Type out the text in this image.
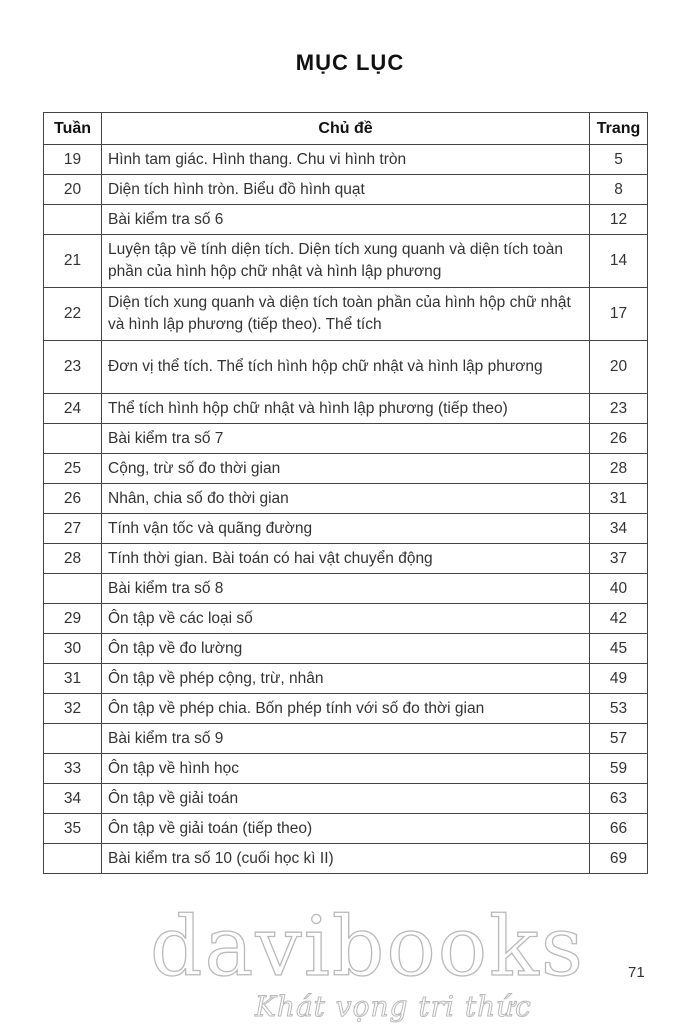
MỤC LỤC
Tuần	Chủ đề	Trang
19	Hình tam giác. Hình thang. Chu vi hình tròn	5
20	Diện tích hình tròn. Biểu đồ hình quạt	8
	Bài kiểm tra số 6	12
21	Luyện tập về tính diện tích. Diện tích xung quanh và diện tích toàn phần của hình hộp chữ nhật và hình lập phương	14
22	Diện tích xung quanh và diện tích toàn phần của hình hộp chữ nhật và hình lập phương (tiếp theo). Thể tích	17
23	Đơn vị thể tích. Thể tích hình hộp chữ nhật và hình lập phương	20
24	Thể tích hình hộp chữ nhật và hình lập phương (tiếp theo)	23
	Bài kiểm tra số 7	26
25	Cộng, trừ số đo thời gian	28
26	Nhân, chia số đo thời gian	31
27	Tính vận tốc và quãng đường	34
28	Tính thời gian. Bài toán có hai vật chuyển động	37
	Bài kiểm tra số 8	40
29	Ôn tập về các loại số	42
30	Ôn tập về đo lường	45
31	Ôn tập về phép cộng, trừ, nhân	49
32	Ôn tập về phép chia. Bốn phép tính với số đo thời gian	53
	Bài kiểm tra số 9	57
33	Ôn tập về hình học	59
34	Ôn tập về giải toán	63
35	Ôn tập về giải toán (tiếp theo)	66
	Bài kiểm tra số 10 (cuối học kì II)	69
71
davibooks
Khát vọng tri thức
